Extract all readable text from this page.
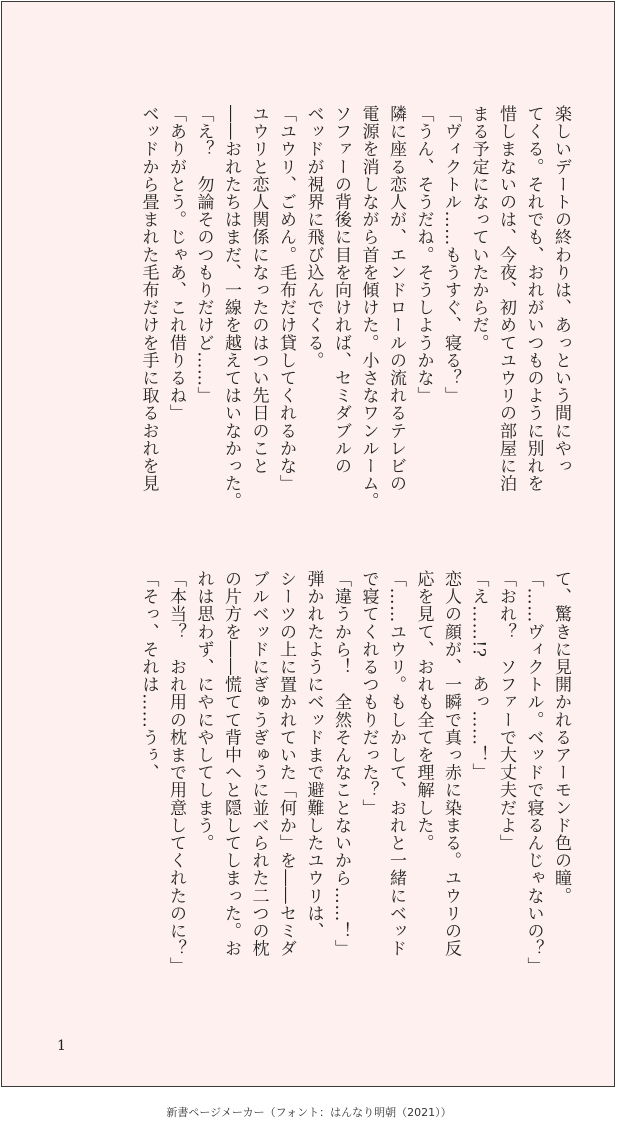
楽しいデートの終わりは、あっという間にやっ
てくる。それでも、おれがいつものように別れを
惜しまないのは、今夜、初めてユウリの部屋に泊
まる予定になっていたからだ。
「ヴィクトル……もうすぐ、寝る？」
「うん、そうだね。そうしようかな」
隣に座る恋人が、エンドロールの流れるテレビの
電源を消しながら首を傾けた。小さなワンルーム。
ソファーの背後に目を向ければ、セミダブルの
ベッドが視界に飛び込んでくる。
「ユウリ、ごめん。毛布だけ貸してくれるかな」
ユウリと恋人関係になったのはつい先日のこと
――おれたちはまだ、一線を越えてはいなかった。
「え？　勿論そのつもりだけど……」
「ありがとう。じゃあ、これ借りるね」
ベッドから畳まれた毛布だけを手に取るおれを見
て、驚きに見開かれるアーモンド色の瞳。
「……ヴィクトル。ベッドで寝るんじゃないの？」
「おれ？　ソファーで大丈夫だよ」
「え……!?　あっ……！」
恋人の顔が、一瞬で真っ赤に染まる。ユウリの反
応を見て、おれも全てを理解した。
「……ユウリ。もしかして、おれと一緒にベッド
で寝てくれるつもりだった？」
「違うから！　全然そんなことないから……！」
弾かれたようにベッドまで避難したユウリは、
シーツの上に置かれていた「何か」を――セミダ
ブルベッドにぎゅうぎゅうに並べられた二つの枕
の片方を――慌てて背中へと隠してしまった。お
れは思わず、にやにやしてしまう。
「本当？　おれ用の枕まで用意してくれたのに？」
「そっ、それは……うぅ、
1
新書ページメーカー（フォント：はんなり明朝（2021））
